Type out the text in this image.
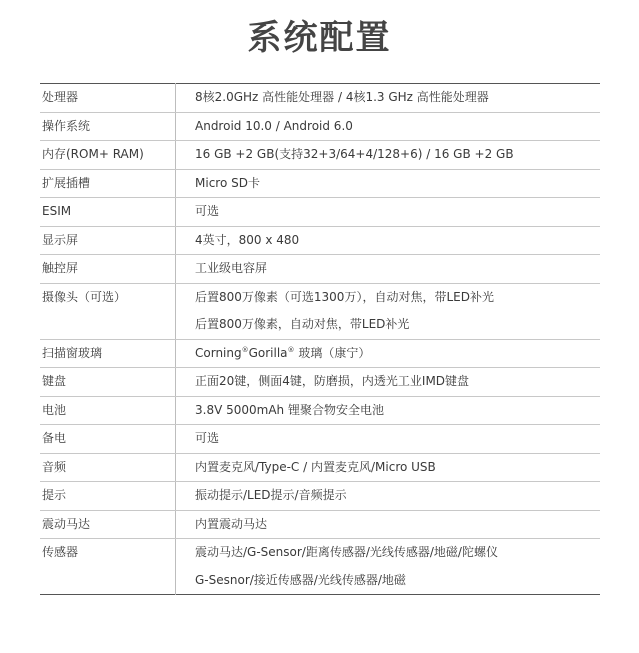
系统配置
处理器	8核2.0GHz 高性能处理器 / 4核1.3 GHz 高性能处理器
操作系统	Android 10.0 / Android 6.0
内存(ROM+ RAM)	16 GB +2 GB(支持32+3/64+4/128+6) / 16 GB +2 GB
扩展插槽	Micro SD卡
ESIM	可选
显示屏	4英寸，800 x 480
触控屏	工业级电容屏
摄像头（可选）	后置800万像素（可选1300万），自动对焦，带LED补光
后置800万像素，自动对焦，带LED补光

扫描窗玻璃	Corning®Gorilla® 玻璃（康宁）
键盘	正面20键，侧面4键，防磨损，内透光工业IMD键盘
电池	3.8V 5000mAh 锂聚合物安全电池
备电	可选
音频	内置麦克风/Type-C / 内置麦克风/Micro USB
提示	振动提示/LED提示/音频提示
震动马达	内置震动马达
传感器	震动马达/G-Sensor/距离传感器/光线传感器/地磁/陀螺仪
G-Sesnor/接近传感器/光线传感器/地磁
